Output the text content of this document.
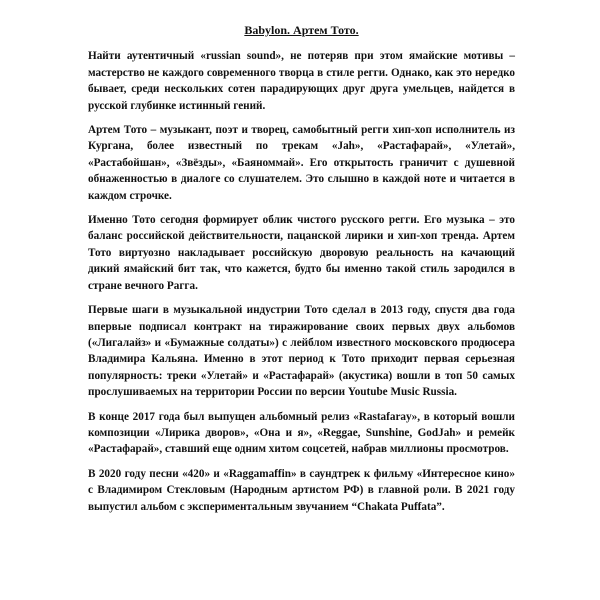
Babylon. Артем Тото.

Найти аутентичный «russian sound», не потеряв при этом ямайские мотивы – мастерство не каждого современного творца в стиле регги. Однако, как это нередко бывает, среди нескольких сотен парадирующих друг друга умельцев, найдется в русской глубинке истинный гений.

Артем Тото – музыкант, поэт и творец, самобытный регги хип-хоп исполнитель из Кургана, более известный по трекам «Jah», «Растафарай», «Улетай», «Растабойшан», «Звёзды», «Баяноммай». Его открытость граничит с душевной обнаженностью в диалоге со слушателем. Это слышно в каждой ноте и читается в каждом строчке.

Именно Тото сегодня формирует облик чистого русского регги. Его музыка – это баланс российской действительности, пацанской лирики и хип-хоп тренда. Артем Тото виртуозно накладывает российскую дворовую реальность на качающий дикий ямайский бит так, что кажется, будто бы именно такой стиль зародился в стране вечного Рагга.

Первые шаги в музыкальной индустрии Тото сделал в 2013 году, спустя два года впервые подписал контракт на тиражирование своих первых двух альбомов («Лигалайз» и «Бумажные солдаты») с лейблом известного московского продюсера Владимира Кальяна. Именно в этот период к Тото приходит первая серьезная популярность: треки «Улетай» и «Растафарай» (акустика) вошли в топ 50 самых прослушиваемых на территории России по версии Youtube Music Russia.

В конце 2017 года был выпущен альбомный релиз «Rastafaray», в который вошли композиции «Лирика дворов», «Она и я», «Reggae, Sunshine, GodJah» и ремейк «Растафарай», ставший еще одним хитом соцсетей, набрав миллионы просмотров.

В 2020 году песни «420» и «Raggamaffin» в саундтрек к фильму «Интересное кино» с Владимиром Стекловым (Народным артистом РФ) в главной роли. В 2021 году выпустил альбом с экспериментальным звучанием “Chakata Puffata”.
